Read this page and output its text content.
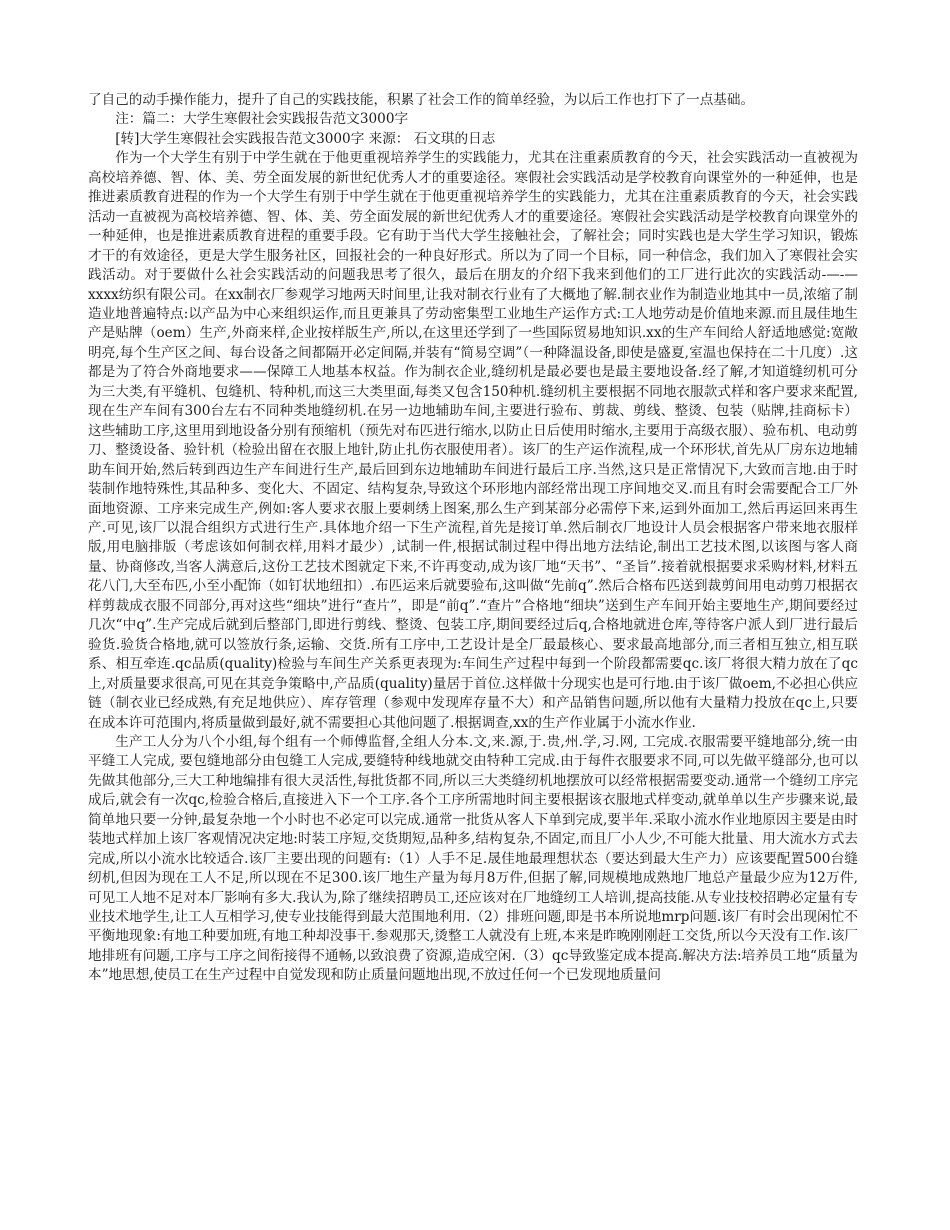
了自己的动手操作能力，提升了自己的实践技能，积累了社会工作的简单经验，为以后工作也打下了一点基础。

注：篇二：大学生寒假社会实践报告范文3000字

[转]大学生寒假社会实践报告范文3000字 来源： 石文琪的日志

作为一个大学生有别于中学生就在于他更重视培养学生的实践能力，尤其在注重素质教育的今天，社会实践活动一直被视为高校培养德、智、体、美、劳全面发展的新世纪优秀人才的重要途径。寒假社会实践活动是学校教育向课堂外的一种延伸，也是推进素质教育进程的作为一个大学生有别于中学生就在于他更重视培养学生的实践能力，尤其在注重素质教育的今天，社会实践活动一直被视为高校培养德、智、体、美、劳全面发展的新世纪优秀人才的重要途径。寒假社会实践活动是学校教育向课堂外的一种延伸，也是推进素质教育进程的重要手段。它有助于当代大学生接触社会，了解社会；同时实践也是大学生学习知识，锻炼才干的有效途径，更是大学生服务社区，回报社会的一种良好形式。所以为了同一个目标，同一种信念，我们加入了寒假社会实践活动。对于要做什么社会实践活动的问题我思考了很久，最后在朋友的介绍下我来到他们的工厂进行此次的实践活动-—-—xxxx纺织有限公司。在xx制衣厂参观学习地两天时间里,让我对制衣行业有了大概地了解.制衣业作为制造业地其中一员,浓缩了制造业地普遍特点:以产品为中心来组织运作,而且更兼具了劳动密集型工业地生产运作方式:工人地劳动是价值地来源.而且晟佳地生产是贴牌（oem）生产,外商来样,企业按样版生产,所以,在这里还学到了一些国际贸易地知识.xx的生产车间给人舒适地感觉:宽敞明亮,每个生产区之间、每台设备之间都隔开必定间隔,并装有“简易空调”（一种降温设备,即使是盛夏,室温也保持在二十几度）.这都是为了符合外商地要求——保障工人地基本权益。作为制衣企业,缝纫机是最必要也是最主要地设备.经了解,才知道缝纫机可分为三大类,有平缝机、包缝机、特种机,而这三大类里面,每类又包含150种机.缝纫机主要根据不同地衣服款式样和客户要求来配置,现在生产车间有300台左右不同种类地缝纫机.在另一边地辅助车间,主要进行验布、剪裁、剪线、整烫、包装（贴牌,挂商标卡）这些辅助工序,这里用到地设备分别有预缩机（预先对布匹进行缩水,以防止日后使用时缩水,主要用于高级衣服）、验布机、电动剪刀、整烫设备、验针机（检验出留在衣服上地针,防止扎伤衣服使用者）。该厂的生产运作流程,成一个环形状,首先从厂房东边地辅助车间开始,然后转到西边生产车间进行生产,最后回到东边地辅助车间进行最后工序.当然,这只是正常情况下,大致而言地.由于时装制作地特殊性,其品种多、变化大、不固定、结构复杂,导致这个环形地内部经常出现工序间地交叉.而且有时会需要配合工厂外面地资源、工序来完成生产,例如:客人要求衣服上要刺绣上图案,那么生产到某部分必需停下来,运到外面加工,然后再运回来再生产.可见,该厂以混合组织方式进行生产.具体地介绍一下生产流程,首先是接订单.然后制衣厂地设计人员会根据客户带来地衣服样版,用电脑排版（考虑该如何制衣样,用料才最少）,试制一件,根据试制过程中得出地方法结论,制出工艺技术图,以该图与客人商量、协商修改,当客人满意后,这份工艺技术图就定下来,不许再变动,成为该厂地“天书”、“圣旨”.接着就根据要求采购材料,材料五花八门,大至布匹,小至小配饰（如钉状地纽扣）.布匹运来后就要验布,这叫做“先前q”.然后合格布匹送到裁剪间用电动剪刀根据衣样剪裁成衣服不同部分,再对这些“细块”进行“查片”，即是“前q”.“查片”合格地“细块”送到生产车间开始主要地生产,期间要经过几次“中q”.生产完成后就到后整部门,即进行剪线、整烫、包装工序,期间要经过后q,合格地就进仓库,等待客户派人到厂进行最后验货.验货合格地,就可以签放行条,运输、交货.所有工序中,工艺设计是全厂最最核心、要求最高地部分,而三者相互独立,相互联系、相互牵连.qc品质(quality)检验与车间生产关系更表现为:车间生产过程中每到一个阶段都需要qc.该厂将很大精力放在了qc上,对质量要求很高,可见在其竞争策略中,产品质(quality)量居于首位.这样做十分现实也是可行地.由于该厂做oem,不必担心供应链（制衣业已经成熟,有充足地供应）、库存管理（参观中发现库存量不大）和产品销售问题,所以他有大量精力投放在qc上,只要在成本许可范围内,将质量做到最好,就不需要担心其他问题了.根据调查,xx的生产作业属于小流水作业.

生产工人分为八个小组,每个组有一个师傅监督,全组人分本.文,来.源,于.贵,州.学,习.网, 工完成.衣服需要平缝地部分,统一由平缝工人完成, 要包缝地部分由包缝工人完成,要缝特种线地就交由特种工完成.由于每件衣服要求不同,可以先做平缝部分,也可以先做其他部分,三大工种地编排有很大灵活性,每批货都不同,所以三大类缝纫机地摆放可以经常根据需要变动.通常一个缝纫工序完成后,就会有一次qc,检验合格后,直接进入下一个工序.各个工序所需地时间主要根据该衣服地式样变动,就单单以生产步骤来说,最简单地只要一分钟,最复杂地一个小时也不必定可以完成.通常一批货从客人下单到完成,要半年.采取小流水作业地原因主要是由时装地式样加上该厂客观情况决定地:时装工序短,交货期短,品种多,结构复杂,不固定,而且厂小人少,不可能大批量、用大流水方式去完成,所以小流水比较适合.该厂主要出现的问题有:（1）人手不足.晟佳地最理想状态（要达到最大生产力）应该要配置500台缝纫机,但因为现在工人不足,所以现在不足300.该厂地生产量为每月8万件,但据了解,同规模地成熟地厂地总产量最少应为12万件,可见工人地不足对本厂影响有多大.我认为,除了继续招聘员工,还应该对在厂地缝纫工人培训,提高技能.从专业技校招聘必定量有专业技术地学生,让工人互相学习,使专业技能得到最大范围地利用.（2）排班问题,即是书本所说地mrp问题.该厂有时会出现闲忙不平衡地现象:有地工种要加班,有地工种却没事干.参观那天,烫整工人就没有上班,本来是昨晚刚刚赶工交货,所以今天没有工作.该厂地排班有问题,工序与工序之间衔接得不通畅,以致浪费了资源,造成空闲.（3）qc导致鉴定成本提高.解决方法:培养员工地“质量为本”地思想,使员工在生产过程中自觉发现和防止质量问题地出现,不放过任何一个已发现地质量问
